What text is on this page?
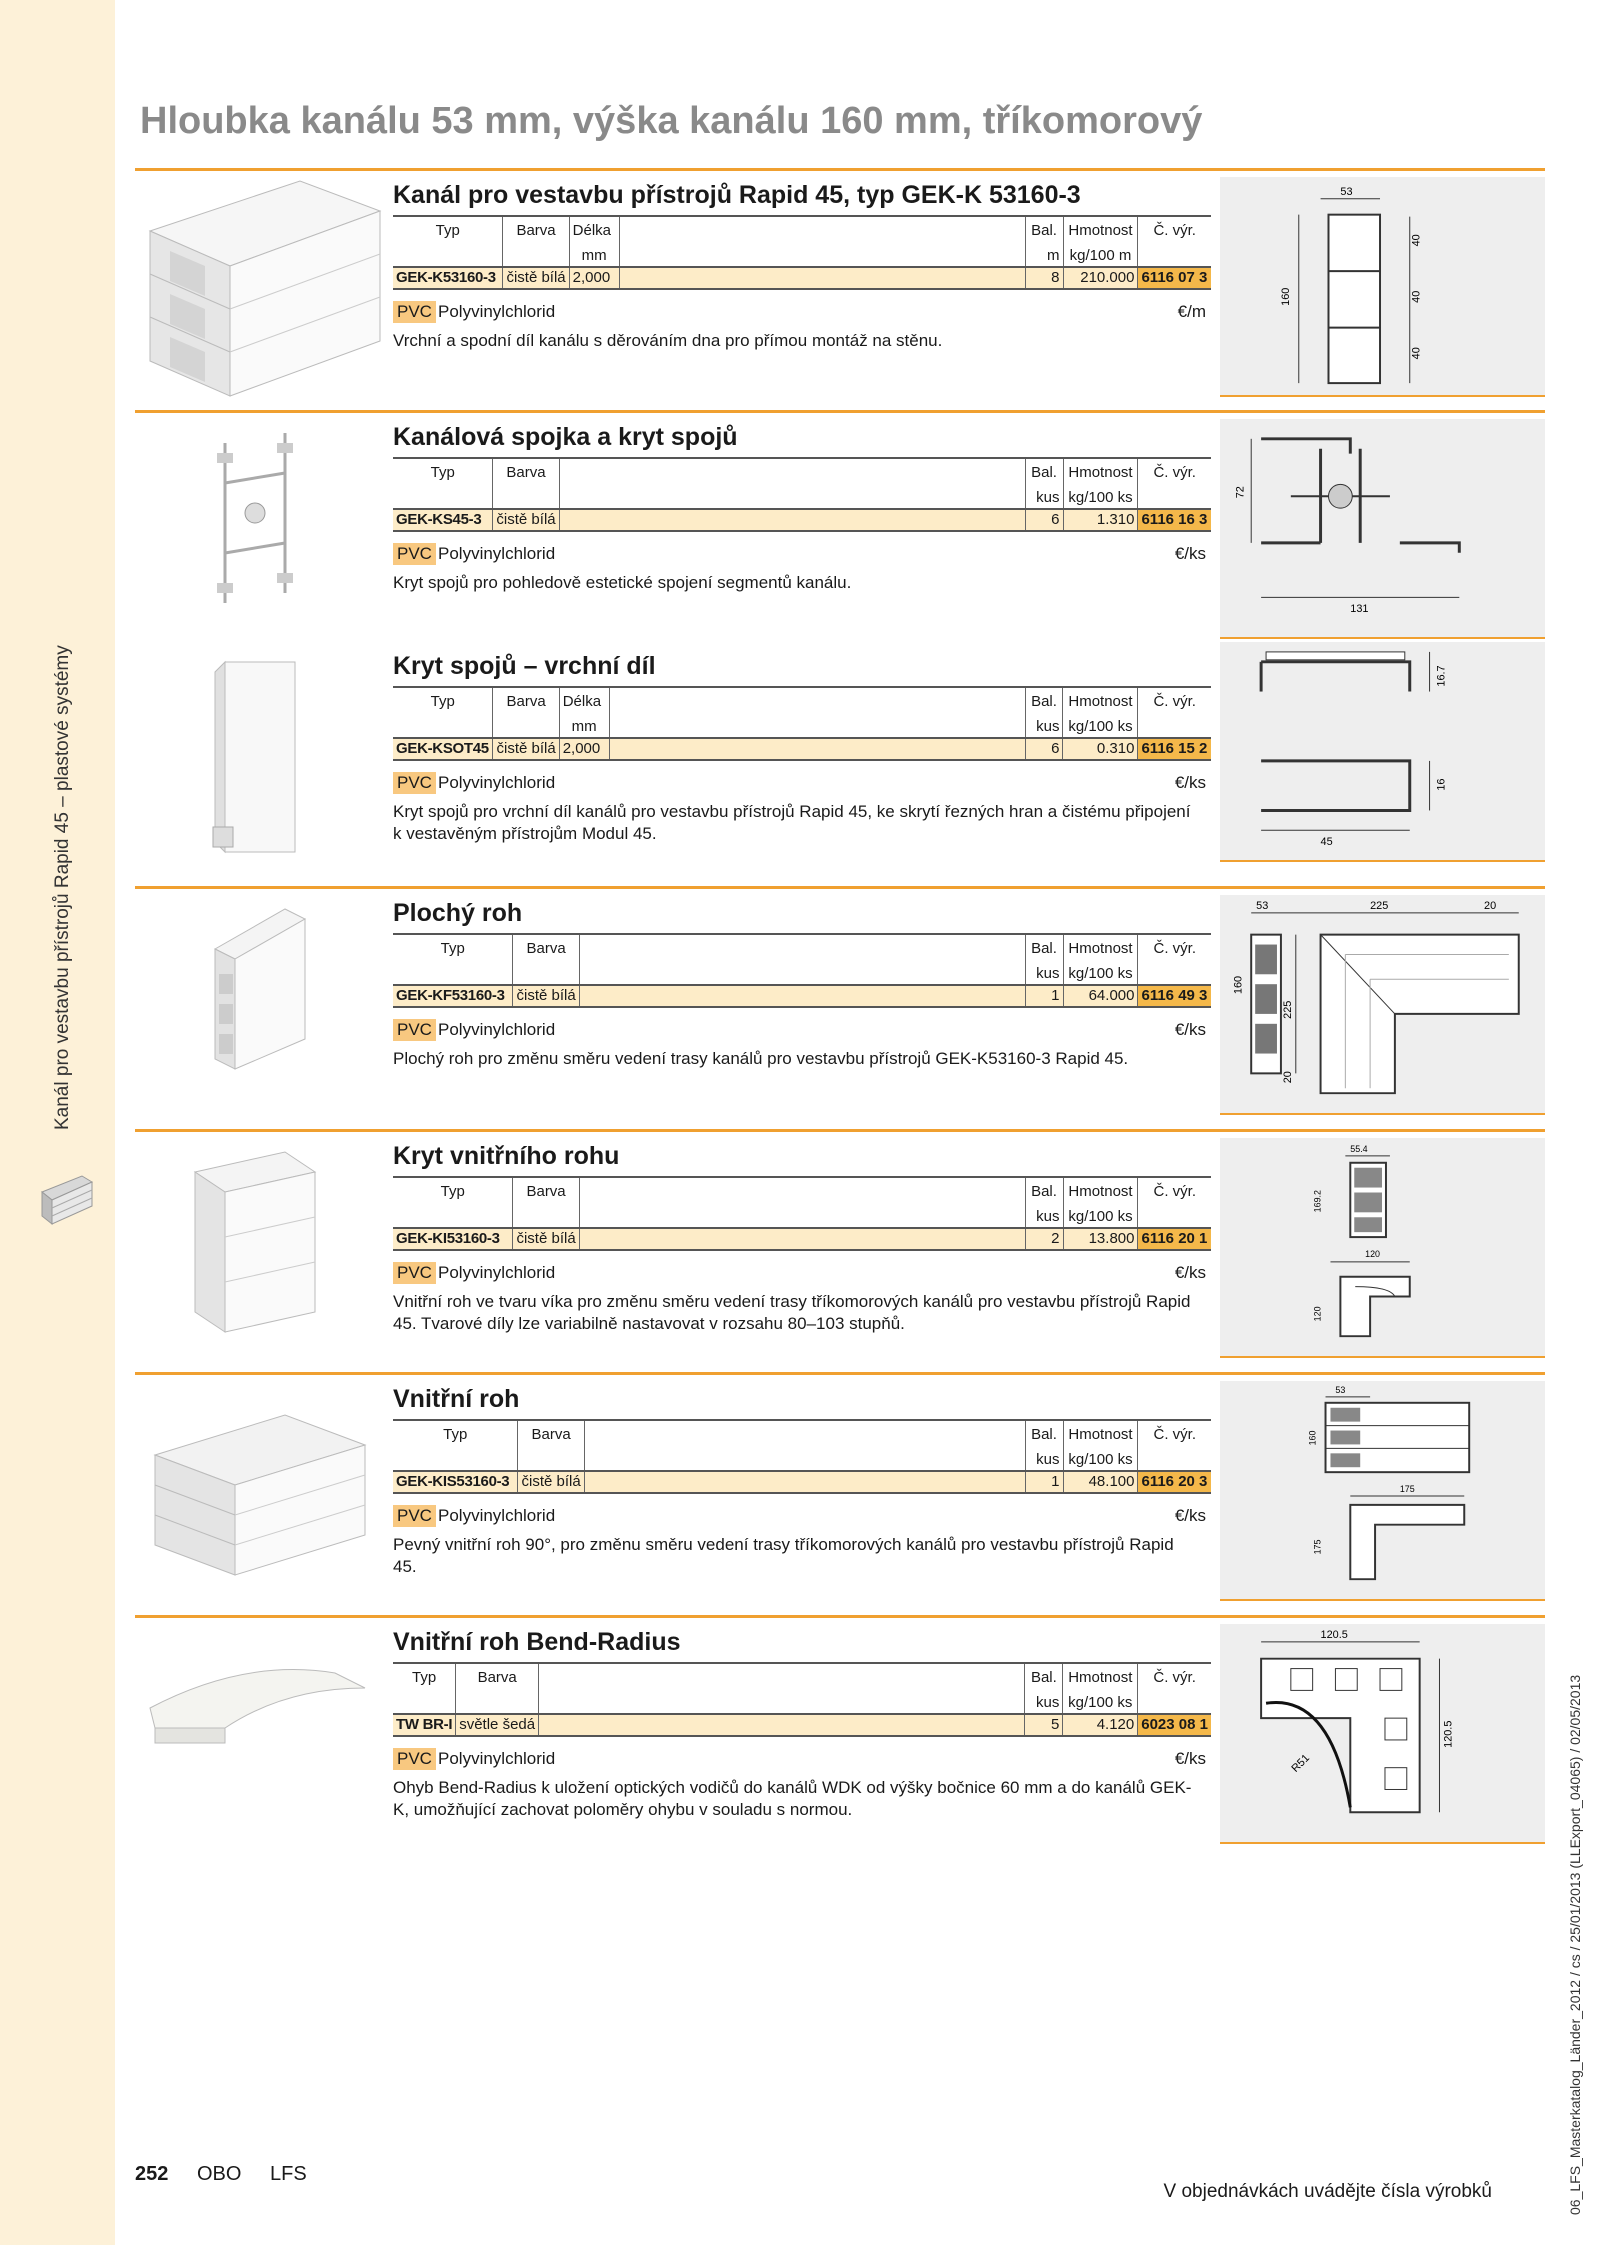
Kanál pro vestavbu přístrojů Rapid 45 – plastové systémy
06_LFS_Masterkatalog_Länder_2012 / cs / 25/01/2013 (LLExport_04065) / 02/05/2013
Hloubka kanálu 53 mm, výška kanálu 160 mm, tříkomorový
Kanál pro vestavbu přístrojů Rapid 45, typ GEK-K 53160-3
Typ	Barva	Délka		Bal.	Hmotnost	Č. výr.
		mm		m	kg/100 m	
GEK-K53160-3	čistě bílá	2,000		8	210.000	6116 07 3
PVC Polyvinylchlorid	€/m
Vrchní a spodní díl kanálu s děrováním dna pro přímou montáž na stěnu.
53
160
40
40
40
Kanálová spojka a kryt spojů
Typ	Barva		Bal.	Hmotnost	Č. výr.
			kus	kg/100 ks	
GEK-KS45-3	čistě bílá		6	1.310	6116 16 3
PVC Polyvinylchlorid	€/ks
Kryt spojů pro pohledově estetické spojení segmentů kanálu.
72
131
Kryt spojů – vrchní díl
Typ	Barva	Délka		Bal.	Hmotnost	Č. výr.
		mm		kus	kg/100 ks	
GEK-KSOT45	čistě bílá	2,000		6	0.310	6116 15 2
PVC Polyvinylchlorid	€/ks
Kryt spojů pro vrchní díl kanálů pro vestavbu přístrojů Rapid 45, ke skrytí řezných hran a čistému připojení k vestavěným přístrojům Modul 45.
16.7
16
45
Plochý roh
Typ	Barva		Bal.	Hmotnost	Č. výr.
			kus	kg/100 ks	
GEK-KF53160-3	čistě bílá		1	64.000	6116 49 3
PVC Polyvinylchlorid	€/ks
Plochý roh pro změnu směru vedení trasy kanálů pro vestavbu přístrojů GEK-K53160-3 Rapid 45.
53	225	20
160
225
20
Kryt vnitřního rohu
Typ	Barva		Bal.	Hmotnost	Č. výr.
			kus	kg/100 ks	
GEK-KI53160-3	čistě bílá		2	13.800	6116 20 1
PVC Polyvinylchlorid	€/ks
Vnitřní roh ve tvaru víka pro změnu směru vedení trasy tříkomorových kanálů pro vestavbu přístrojů Rapid 45. Tvarové díly lze variabilně nastavovat v rozsahu 80–103 stupňů.
55.4
169.2
120
120
Vnitřní roh
Typ	Barva		Bal.	Hmotnost	Č. výr.
			kus	kg/100 ks	
GEK-KIS53160-3	čistě bílá		1	48.100	6116 20 3
PVC Polyvinylchlorid	€/ks
Pevný vnitřní roh 90°, pro změnu směru vedení trasy tříkomorových kanálů pro vestavbu přístrojů Rapid 45.
53
160
175
175
Vnitřní roh Bend-Radius
Typ	Barva		Bal.	Hmotnost	Č. výr.
			kus	kg/100 ks	
TW BR-I	světle šedá		5	4.120	6023 08 1
PVC Polyvinylchlorid	€/ks
Ohyb Bend-Radius k uložení optických vodičů do kanálů WDK od výšky bočnice 60 mm a do kanálů GEK-K, umožňující zachovat poloměry ohybu v souladu s normou.
120.5
R51
120.5
252 OBO LFS
V objednávkách uvádějte čísla výrobků
